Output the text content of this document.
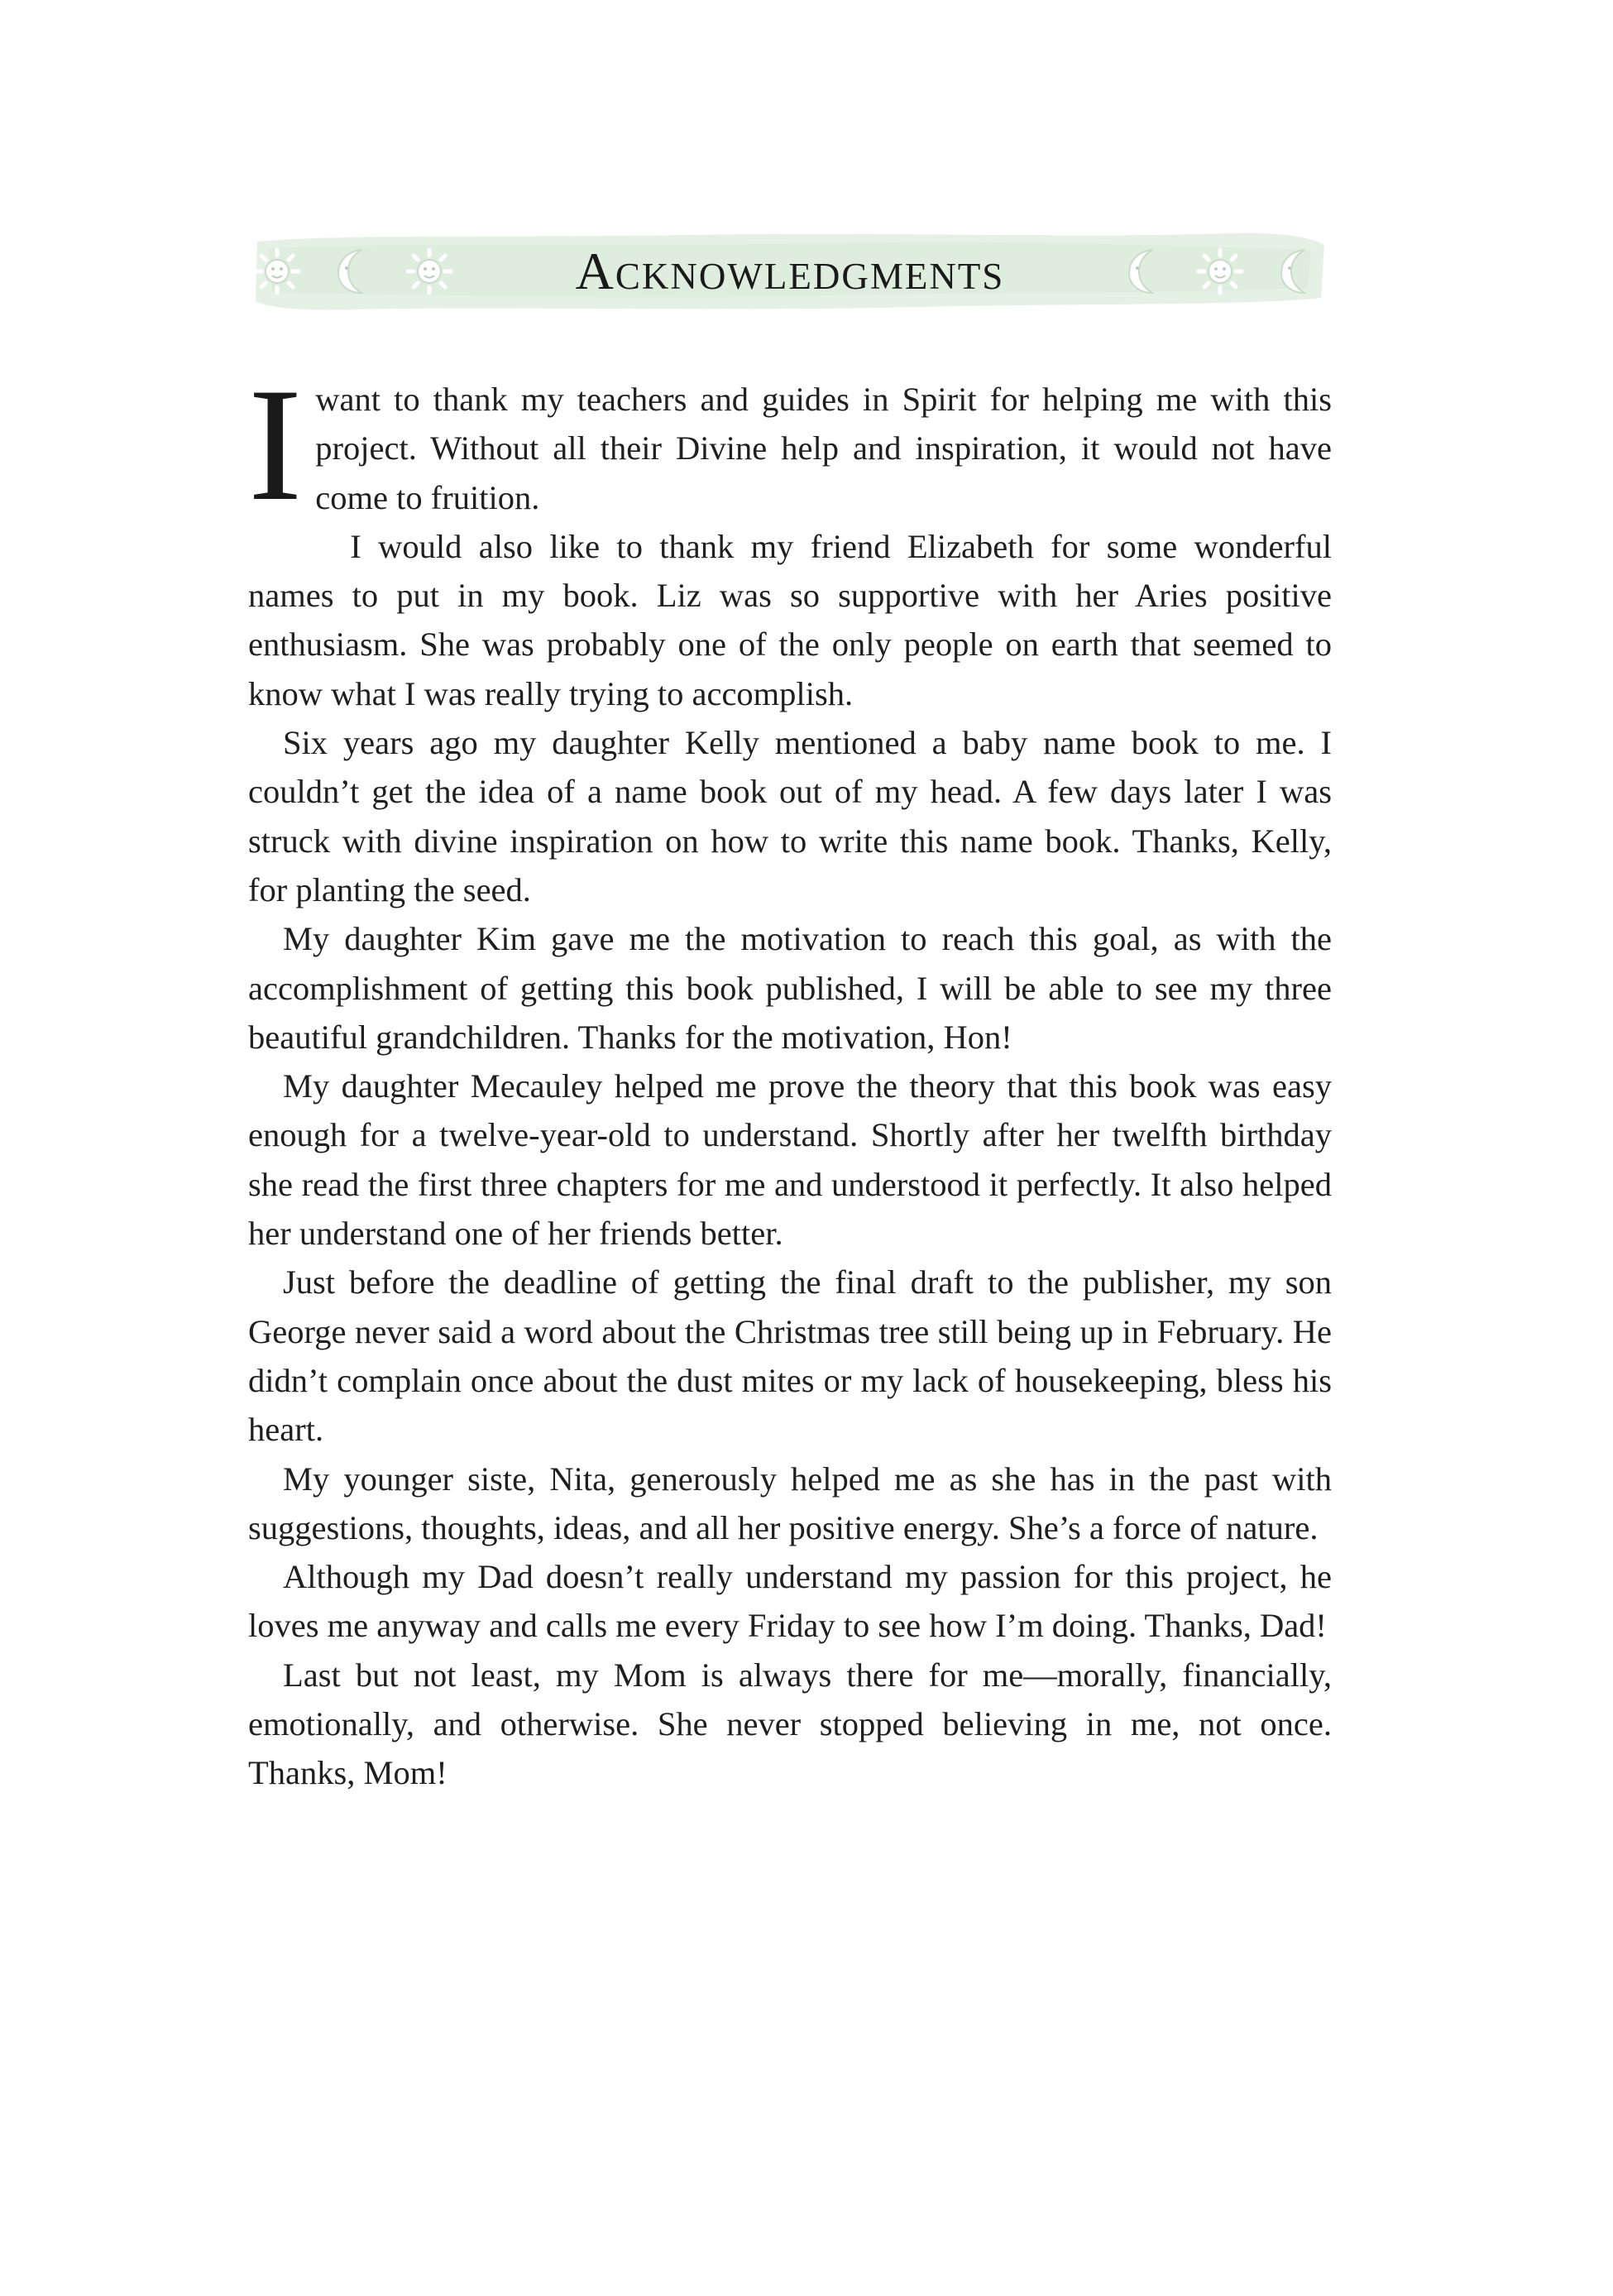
Acknowledgments

I want to thank my teachers and guides in Spirit for helping me with this project. Without all their Divine help and inspiration, it would not have come to fruition.

I would also like to thank my friend Elizabeth for some wonderful names to put in my book. Liz was so supportive with her Aries positive enthusiasm. She was probably one of the only people on earth that seemed to know what I was really trying to accomplish.

Six years ago my daughter Kelly mentioned a baby name book to me. I couldn’t get the idea of a name book out of my head. A few days later I was struck with divine inspiration on how to write this name book. Thanks, Kelly, for planting the seed.

My daughter Kim gave me the motivation to reach this goal, as with the accomplishment of getting this book published, I will be able to see my three beautiful grandchildren. Thanks for the motivation, Hon!

My daughter Mecauley helped me prove the theory that this book was easy enough for a twelve-year-old to understand. Shortly after her twelfth birthday she read the first three chapters for me and understood it perfectly. It also helped her understand one of her friends better.

Just before the deadline of getting the final draft to the publisher, my son George never said a word about the Christmas tree still being up in February. He didn’t complain once about the dust mites or my lack of housekeeping, bless his heart.

My younger siste, Nita, generously helped me as she has in the past with suggestions, thoughts, ideas, and all her positive energy. She’s a force of nature.

Although my Dad doesn’t really understand my passion for this project, he loves me anyway and calls me every Friday to see how I’m doing. Thanks, Dad!

Last but not least, my Mom is always there for me—morally, financially, emotionally, and otherwise. She never stopped believing in me, not once. Thanks, Mom!
